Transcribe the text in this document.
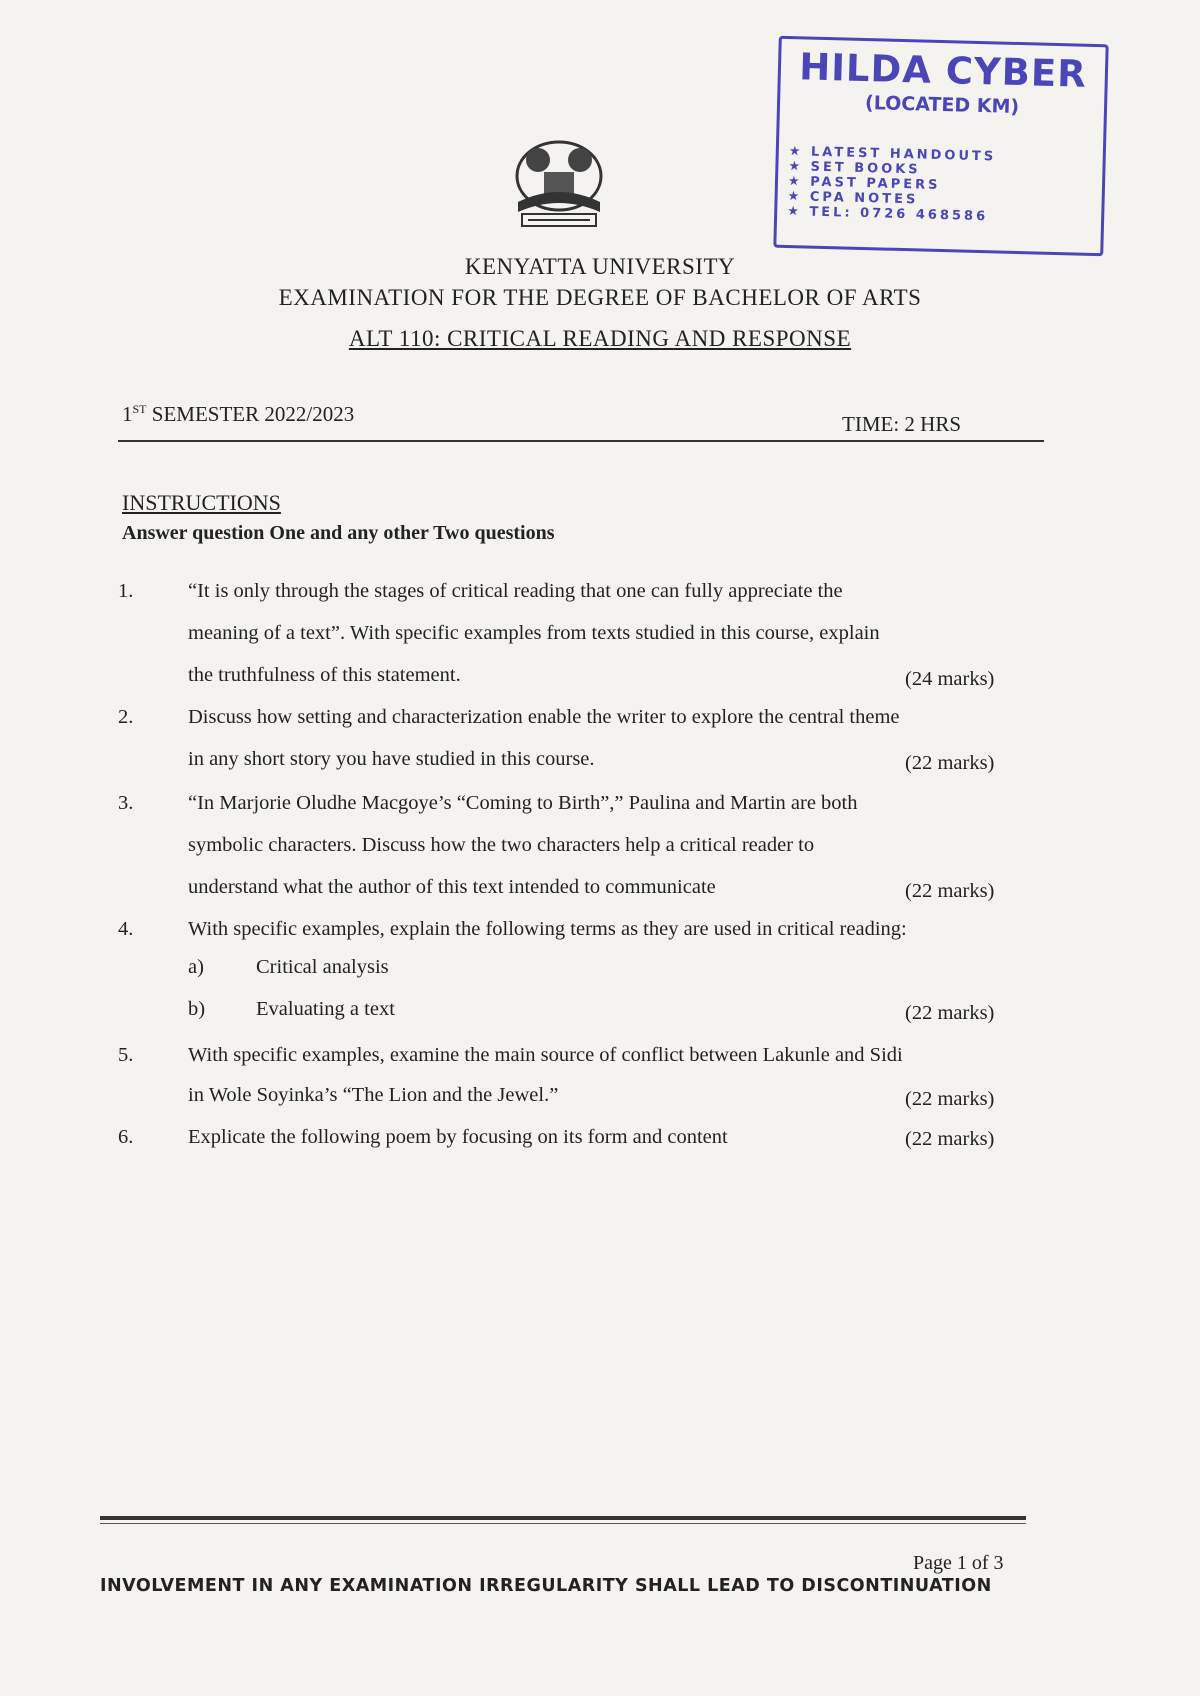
HILDA CYBER
(LOCATED KM)
★ LATEST HANDOUTS
★ SET BOOKS
★ PAST PAPERS
★ CPA NOTES
★ TEL: 0726 468586
KENYATTA UNIVERSITY
EXAMINATION FOR THE DEGREE OF BACHELOR OF ARTS
ALT 110: CRITICAL READING AND RESPONSE
1ST SEMESTER 2022/2023	TIME: 2 HRS
INSTRUCTIONS
Answer question One and any other Two questions
1.	“It is only through the stages of critical reading that one can fully appreciate the
meaning of a text”. With specific examples from texts studied in this course, explain
the truthfulness of this statement.	(24 marks)
2.	Discuss how setting and characterization enable the writer to explore the central theme
in any short story you have studied in this course.	(22 marks)
3.	“In Marjorie Oludhe Macgoye’s “Coming to Birth”,” Paulina and Martin are both
symbolic characters. Discuss how the two characters help a critical reader to
understand what the author of this text intended to communicate	(22 marks)
4.	With specific examples, explain the following terms as they are used in critical reading:
a)	Critical analysis
b) Evaluating a text	(22 marks)
5.	With specific examples, examine the main source of conflict between Lakunle and Sidi
in Wole Soyinka’s “The Lion and the Jewel.”	(22 marks)
6.	Explicate the following poem by focusing on its form and content	(22 marks)
Page 1 of 3
INVOLVEMENT IN ANY EXAMINATION IRREGULARITY SHALL LEAD TO DISCONTINUATION
